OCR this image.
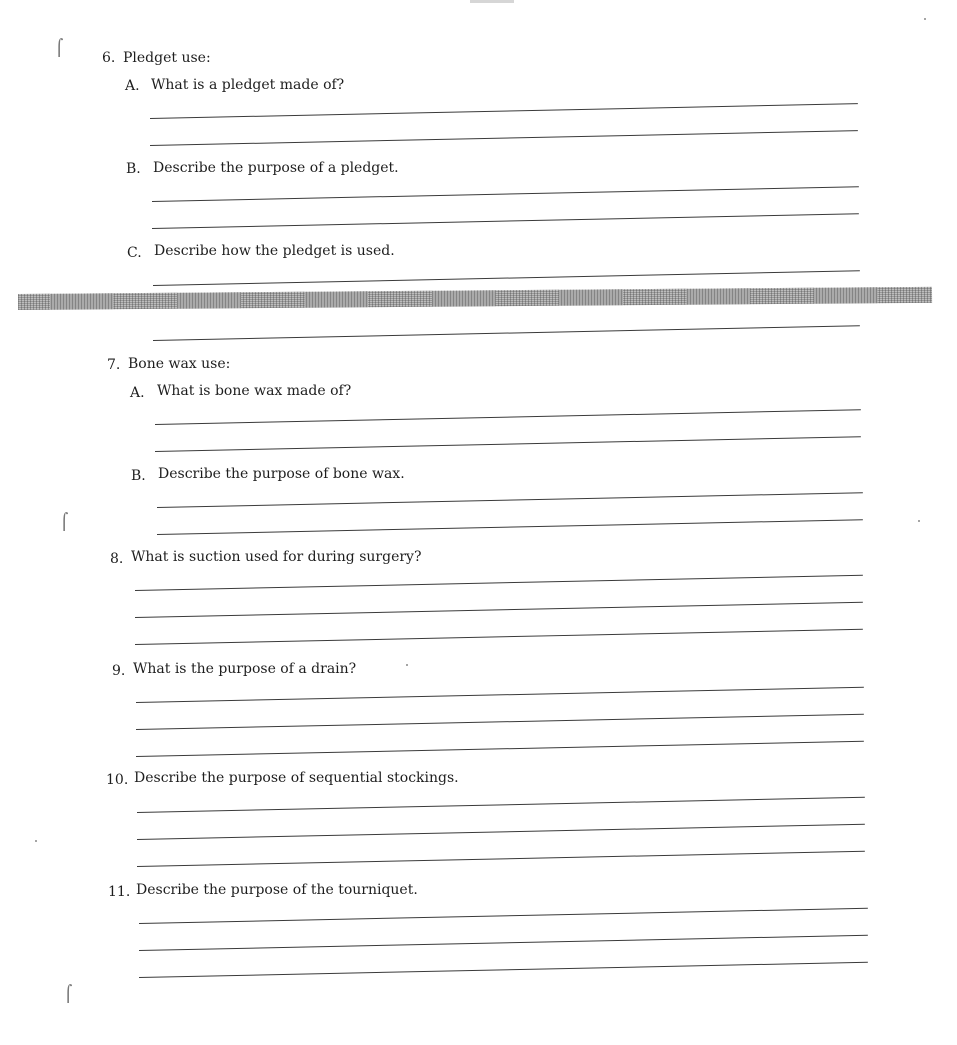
⌠
⌠
⌠
6. Pledget use:
A. What is a pledget made of?
B. Describe the purpose of a pledget.
C. Describe how the pledget is used.
7. Bone wax use:
A. What is bone wax made of?
B. Describe the purpose of bone wax.
8. What is suction used for during surgery?
9. What is the purpose of a drain?
10. Describe the purpose of sequential stockings.
11. Describe the purpose of the tourniquet.
